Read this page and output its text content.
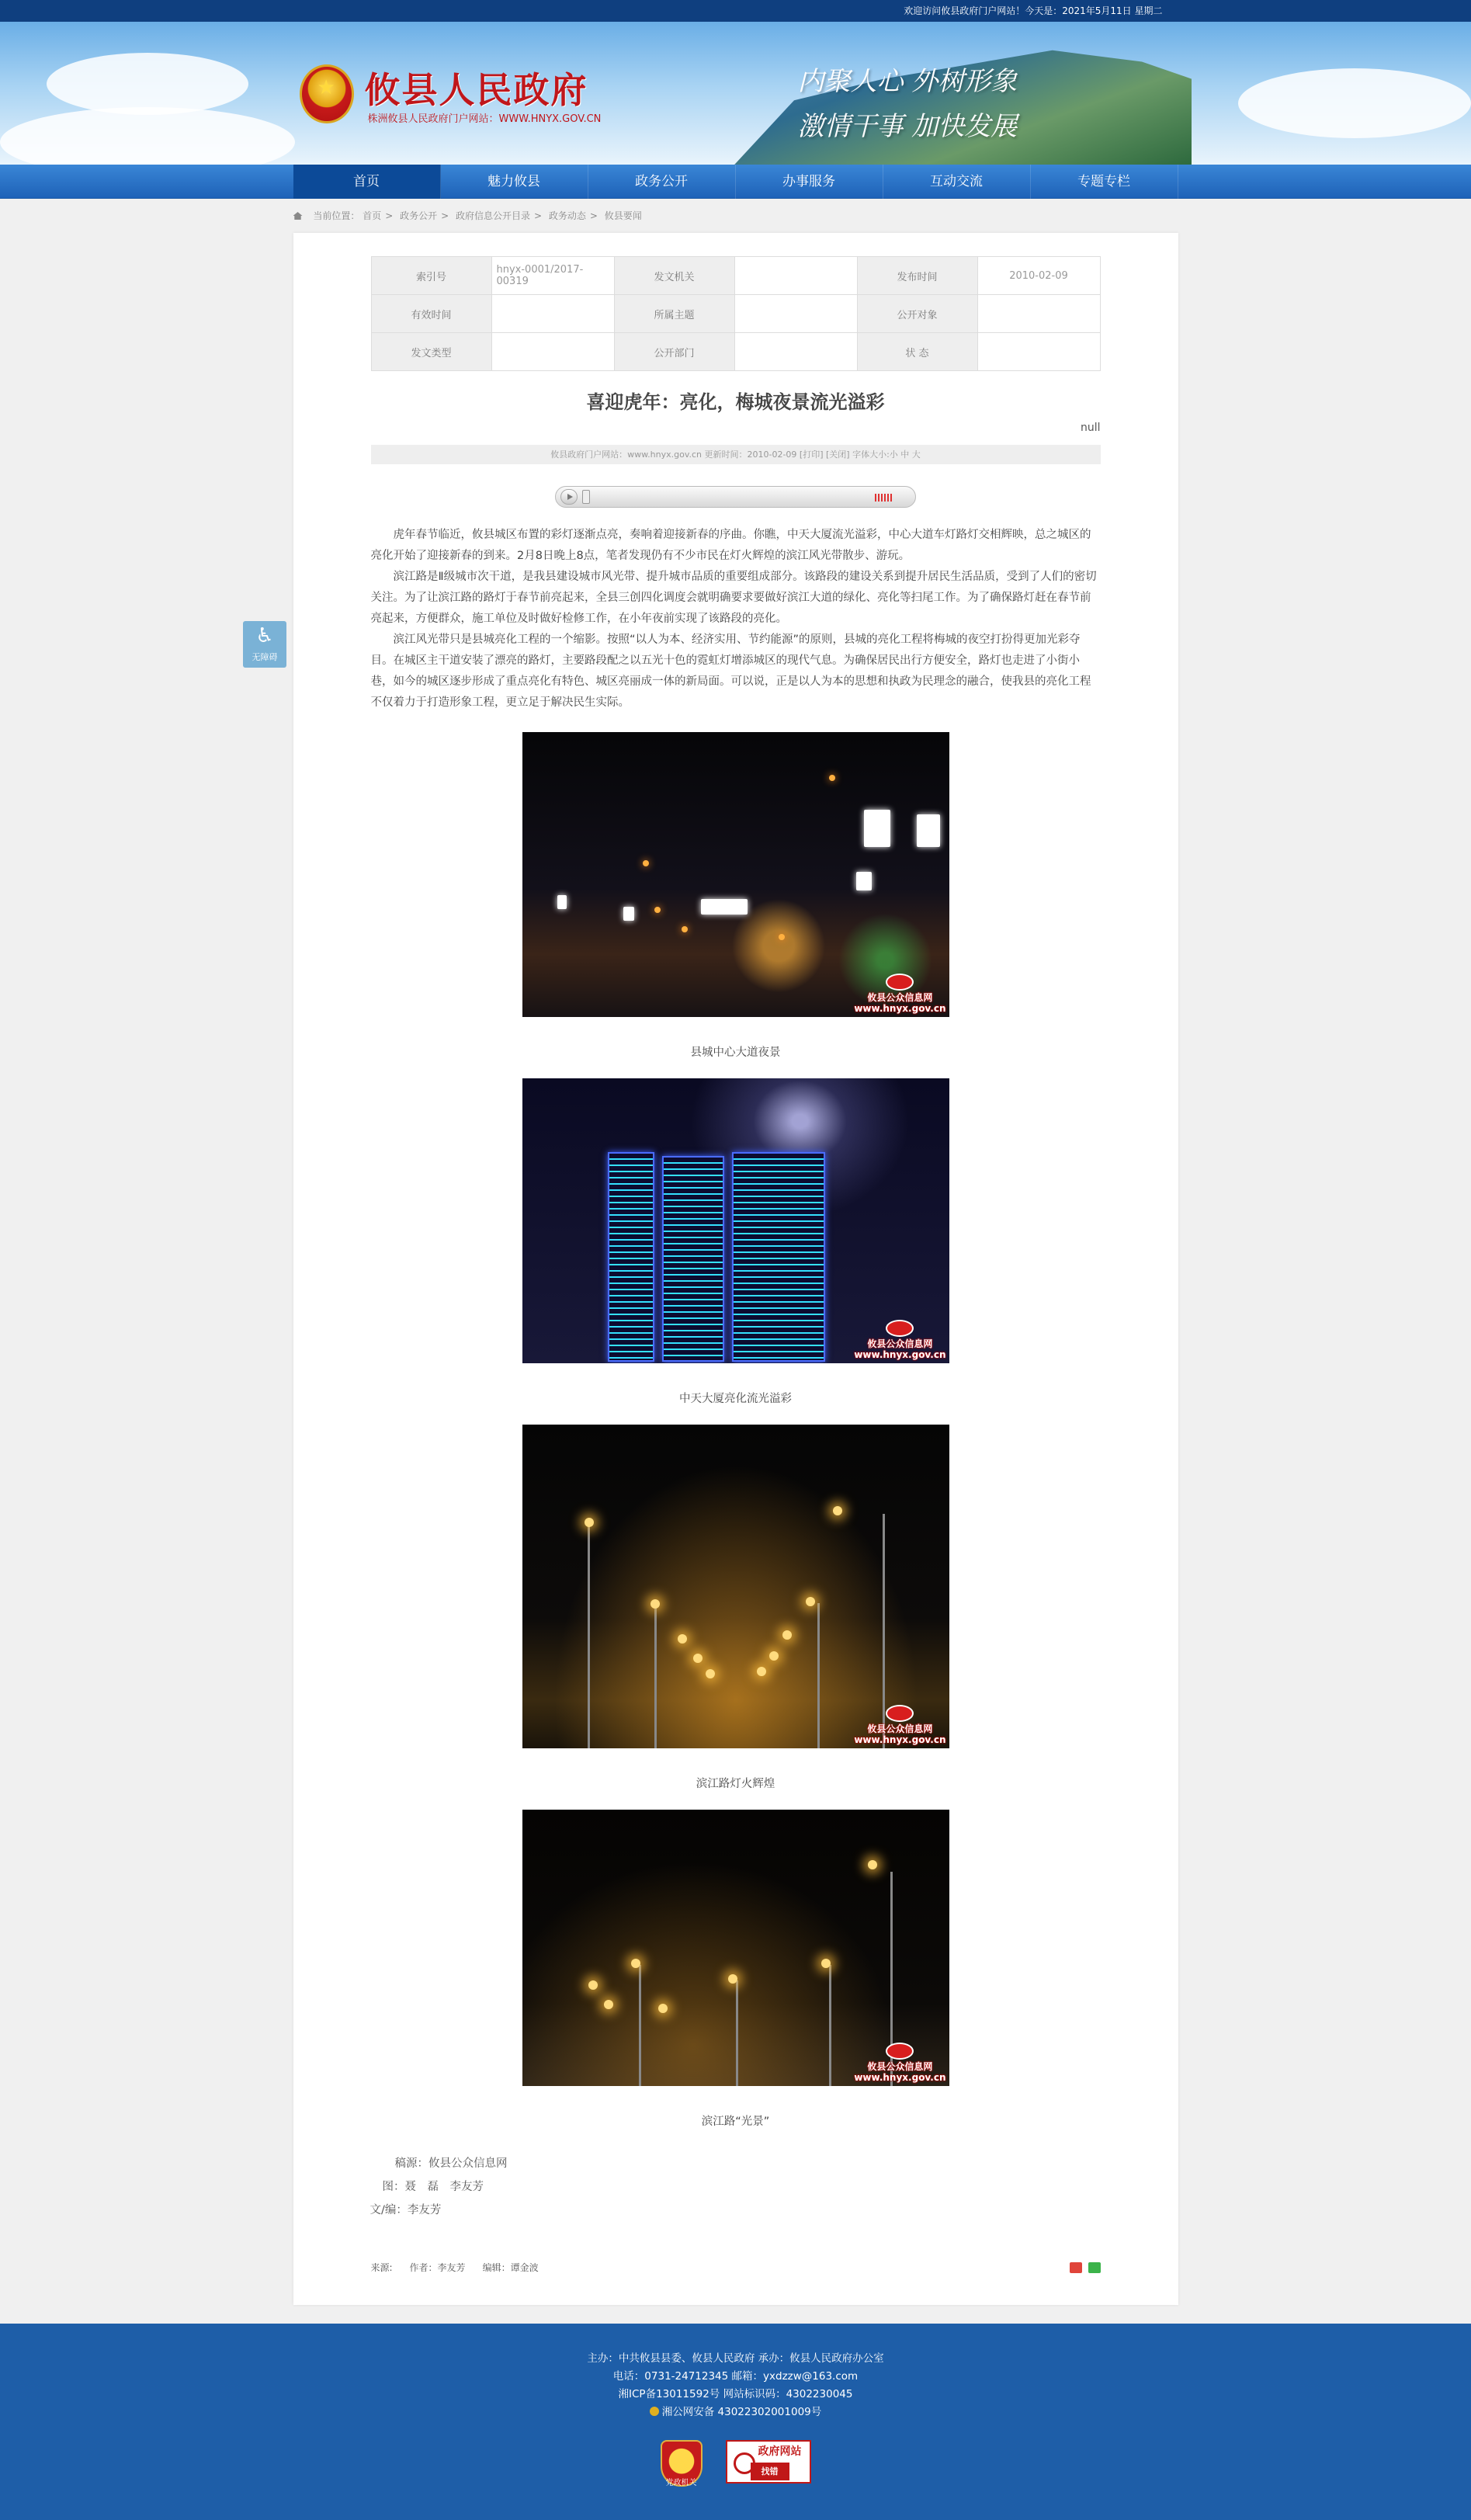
欢迎访问攸县政府门户网站！今天是：2021年5月11日 星期二
★
攸县人民政府
株洲攸县人民政府门户网站：WWW.HNYX.GOV.CN
内聚人心 外树形象
激情干事 加快发展
首页	魅力攸县	政务公开	办事服务	互动交流	专题专栏
当前位置： 首页 > 政务公开 > 政府信息公开目录 > 政务动态 > 攸县要闻
索引号	hnyx-0001/2017-00319	发文机关		发布时间	2010-02-09
有效时间		所属主题		公开对象	
发文类型		公开部门		状 态	
喜迎虎年：亮化，梅城夜景流光溢彩
null
攸县政府门户网站：www.hnyx.gov.cn 更新时间：2010-02-09 [打印] [关闭] 字体大小:小 中 大

虎年春节临近，攸县城区布置的彩灯逐渐点亮，奏响着迎接新春的序曲。你瞧，中天大厦流光溢彩，中心大道车灯路灯交相辉映，总之城区的亮化开始了迎接新春的到来。2月8日晚上8点，笔者发现仍有不少市民在灯火辉煌的滨江风光带散步、游玩。

滨江路是Ⅱ级城市次干道，是我县建设城市风光带、提升城市品质的重要组成部分。该路段的建设关系到提升居民生活品质，受到了人们的密切关注。为了让滨江路的路灯于春节前亮起来，全县三创四化调度会就明确要求要做好滨江大道的绿化、亮化等扫尾工作。为了确保路灯赶在春节前亮起来，方便群众，施工单位及时做好检修工作，在小年夜前实现了该路段的亮化。

滨江风光带只是县城亮化工程的一个缩影。按照“以人为本、经济实用、节约能源”的原则，县城的亮化工程将梅城的夜空打扮得更加光彩夺目。在城区主干道安装了漂亮的路灯，主要路段配之以五光十色的霓虹灯增添城区的现代气息。为确保居民出行方便安全，路灯也走进了小街小巷，如今的城区逐步形成了重点亮化有特色、城区亮丽成一体的新局面。可以说，正是以人为本的思想和执政为民理念的融合，使我县的亮化工程不仅着力于打造形象工程，更立足于解决民生实际。

攸县公众信息网
www.hnyx.gov.cn
县城中心大道夜景
攸县公众信息网
www.hnyx.gov.cn
中天大厦亮化流光溢彩
攸县公众信息网
www.hnyx.gov.cn
滨江路灯火辉煌
攸县公众信息网
www.hnyx.gov.cn
滨江路“光景”
稿源：攸县公众信息网
图：聂　磊　李友芳
文/编：李友芳
来源: 作者：李友芳 编辑：谭金波
♿
无障碍
主办：中共攸县县委、攸县人民政府 承办：攸县人民政府办公室
电话：0731-24712345 邮箱：yxdzzw@163.com
湘ICP备13011592号 网站标识码：4302230045
湘公网安备 43022302001009号
党政机关
政府网站
找错
